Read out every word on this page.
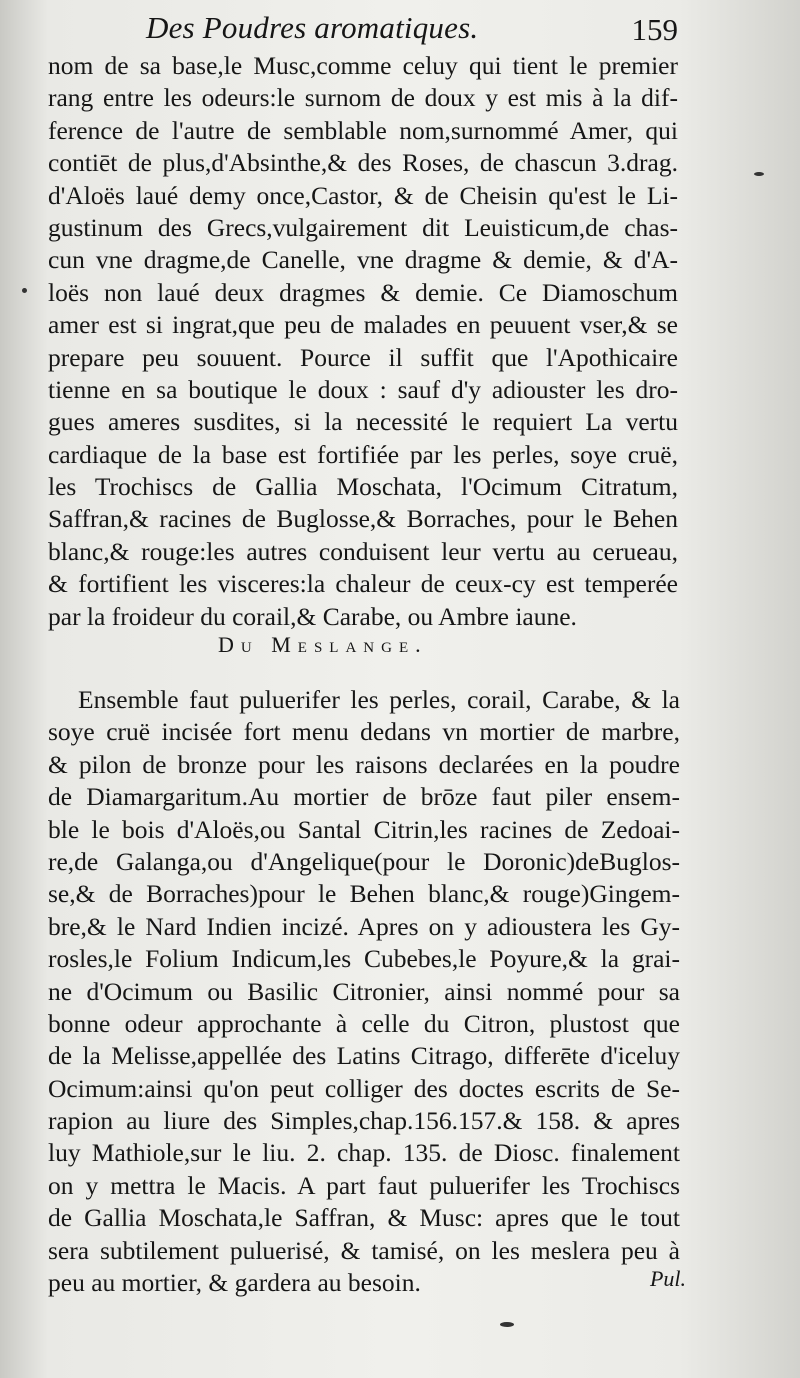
Des Poudres aromatiques.	159
nom de sa base,le Musc,comme celuy qui tient le premier
rang entre les odeurs:le surnom de doux y est mis à la dif-
ference de l'autre de semblable nom,surnommé Amer, qui
contiēt de plus,d'Absinthe,& des Roses, de chascun 3.drag.
d'Aloës laué demy once,Castor, & de Cheisin qu'est le Li-
gustinum des Grecs,vulgairement dit Leuisticum,de chas-
cun vne dragme,de Canelle, vne dragme & demie, & d'A-
loës non laué deux dragmes & demie. Ce Diamoschum
amer est si ingrat,que peu de malades en peuuent vser,& se
prepare peu souuent. Pource il suffit que l'Apothicaire
tienne en sa boutique le doux : sauf d'y adiouster les dro-
gues ameres susdites, si la necessité le requiert La vertu
cardiaque de la base est fortifiée par les perles, soye cruë,
les Trochiscs de Gallia Moschata, l'Ocimum Citratum,
Saffran,& racines de Buglosse,& Borraches, pour le Behen
blanc,& rouge:les autres conduisent leur vertu au cerueau,
& fortifient les visceres:la chaleur de ceux-cy est temperée
par la froideur du corail,& Carabe, ou Ambre iaune.
Du Meslange.
Ensemble faut puluerifer les perles, corail, Carabe, & la
soye cruë incisée fort menu dedans vn mortier de marbre,
& pilon de bronze pour les raisons declarées en la poudre
de Diamargaritum.Au mortier de brōze faut piler ensem-
ble le bois d'Aloës,ou Santal Citrin,les racines de Zedoai-
re,de Galanga,ou d'Angelique(pour le Doronic)deBuglos-
se,& de Borraches)pour le Behen blanc,& rouge)Gingem-
bre,& le Nard Indien incizé. Apres on y adioustera les Gy-
rosles,le Folium Indicum,les Cubebes,le Poyure,& la grai-
ne d'Ocimum ou Basilic Citronier, ainsi nommé pour sa
bonne odeur approchante à celle du Citron, plustost que
de la Melisse,appellée des Latins Citrago, differēte d'iceluy
Ocimum:ainsi qu'on peut colliger des doctes escrits de Se-
rapion au liure des Simples,chap.156.157.& 158. & apres
luy Mathiole,sur le liu. 2. chap. 135. de Diosc. finalement
on y mettra le Macis. A part faut puluerifer les Trochiscs
de Gallia Moschata,le Saffran, & Musc: apres que le tout
sera subtilement puluerisé, & tamisé, on les meslera peu à
peu au mortier, & gardera au besoin.	Pul.
